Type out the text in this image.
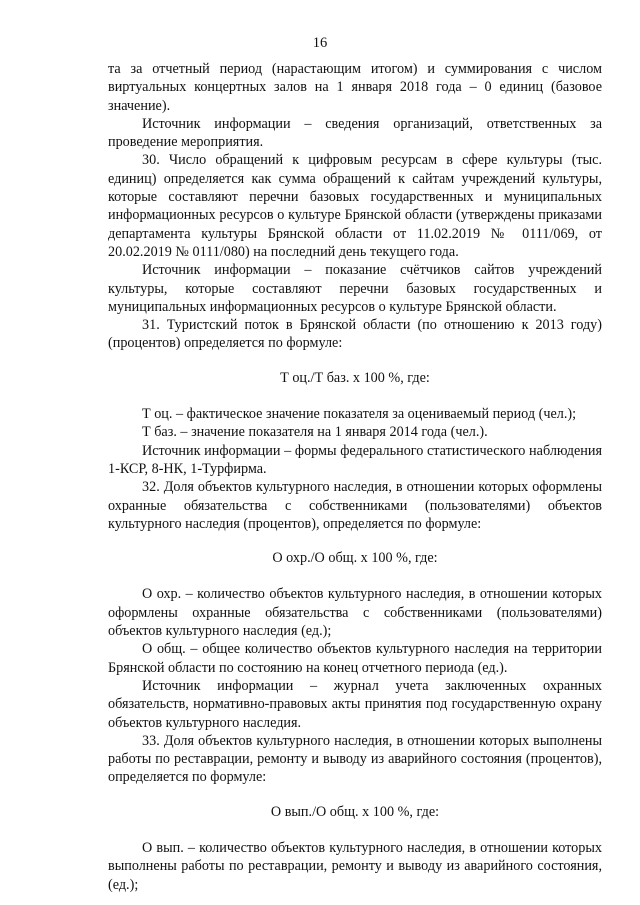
16

та за отчетный период (нарастающим итогом) и суммирования с числом виртуальных концертных залов на 1 января 2018 года – 0 единиц (базовое значение).

Источник информации – сведения организаций, ответственных за проведение мероприятия.

30. Число обращений к цифровым ресурсам в сфере культуры (тыс. единиц) определяется как сумма обращений к сайтам учреждений культуры, которые составляют перечни базовых государственных и муниципальных информационных ресурсов о культуре Брянской области (утверждены приказами департамента культуры Брянской области от 11.02.2019 № 0111/069, от 20.02.2019 № 0111/080) на последний день текущего года.

Источник информации – показание счётчиков сайтов учреждений культуры, которые составляют перечни базовых государственных и муниципальных информационных ресурсов о культуре Брянской области.

31. Туристский поток в Брянской области (по отношению к 2013 году) (процентов) определяется по формуле:

Т оц./Т баз. х 100 %, где:

Т оц. – фактическое значение показателя за оцениваемый период (чел.);

Т баз. – значение показателя на 1 января 2014 года (чел.).

Источник информации – формы федерального статистического наблюдения 1-КСР, 8-НК, 1-Турфирма.

32. Доля объектов культурного наследия, в отношении которых оформлены охранные обязательства с собственниками (пользователями) объектов культурного наследия (процентов), определяется по формуле:

О охр./О общ. х 100 %, где:

О охр. – количество объектов культурного наследия, в отношении которых оформлены охранные обязательства с собственниками (пользователями) объектов культурного наследия (ед.);

О общ. – общее количество объектов культурного наследия на территории Брянской области по состоянию на конец отчетного периода (ед.).

Источник информации – журнал учета заключенных охранных обязательств, нормативно-правовых акты принятия под государственную охрану объектов культурного наследия.

33. Доля объектов культурного наследия, в отношении которых выполнены работы по реставрации, ремонту и выводу из аварийного состояния (процентов), определяется по формуле:

О вып./О общ. х 100 %, где:

О вып. – количество объектов культурного наследия, в отношении которых выполнены работы по реставрации, ремонту и выводу из аварийного состояния, (ед.);
